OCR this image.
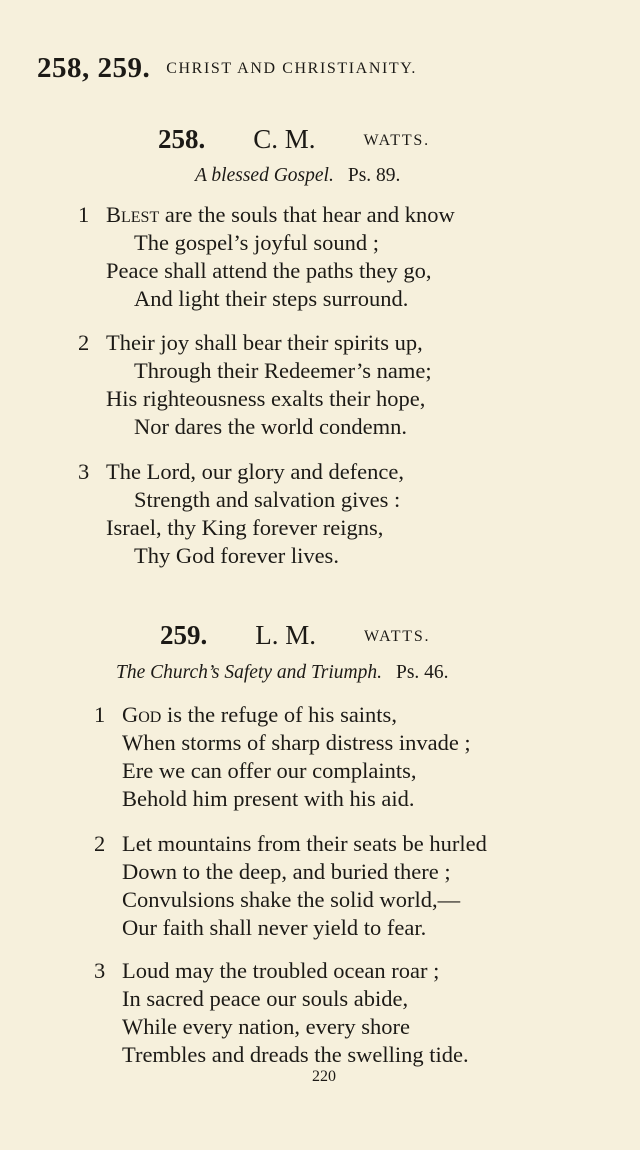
258, 259. CHRIST AND CHRISTIANITY.
258. C. M.	WATTS.
A blessed Gospel. Ps. 89.
1 Blest are the souls that hear and know
The gospel’s joyful sound ;
Peace shall attend the paths they go,
And light their steps surround.
2 Their joy shall bear their spirits up,
Through their Redeemer’s name;
His righteousness exalts their hope,
Nor dares the world condemn.
3 The Lord, our glory and defence,
Strength and salvation gives :
Israel, thy King forever reigns,
Thy God forever lives.
259. L. M.	WATTS.
The Church’s Safety and Triumph. Ps. 46.
1 God is the refuge of his saints,
When storms of sharp distress invade ;
Ere we can offer our complaints,
Behold him present with his aid.
2 Let mountains from their seats be hurled
Down to the deep, and buried there ;
Convulsions shake the solid world,—
Our faith shall never yield to fear.
3 Loud may the troubled ocean roar ;
In sacred peace our souls abide,
While every nation, every shore
Trembles and dreads the swelling tide.
220
